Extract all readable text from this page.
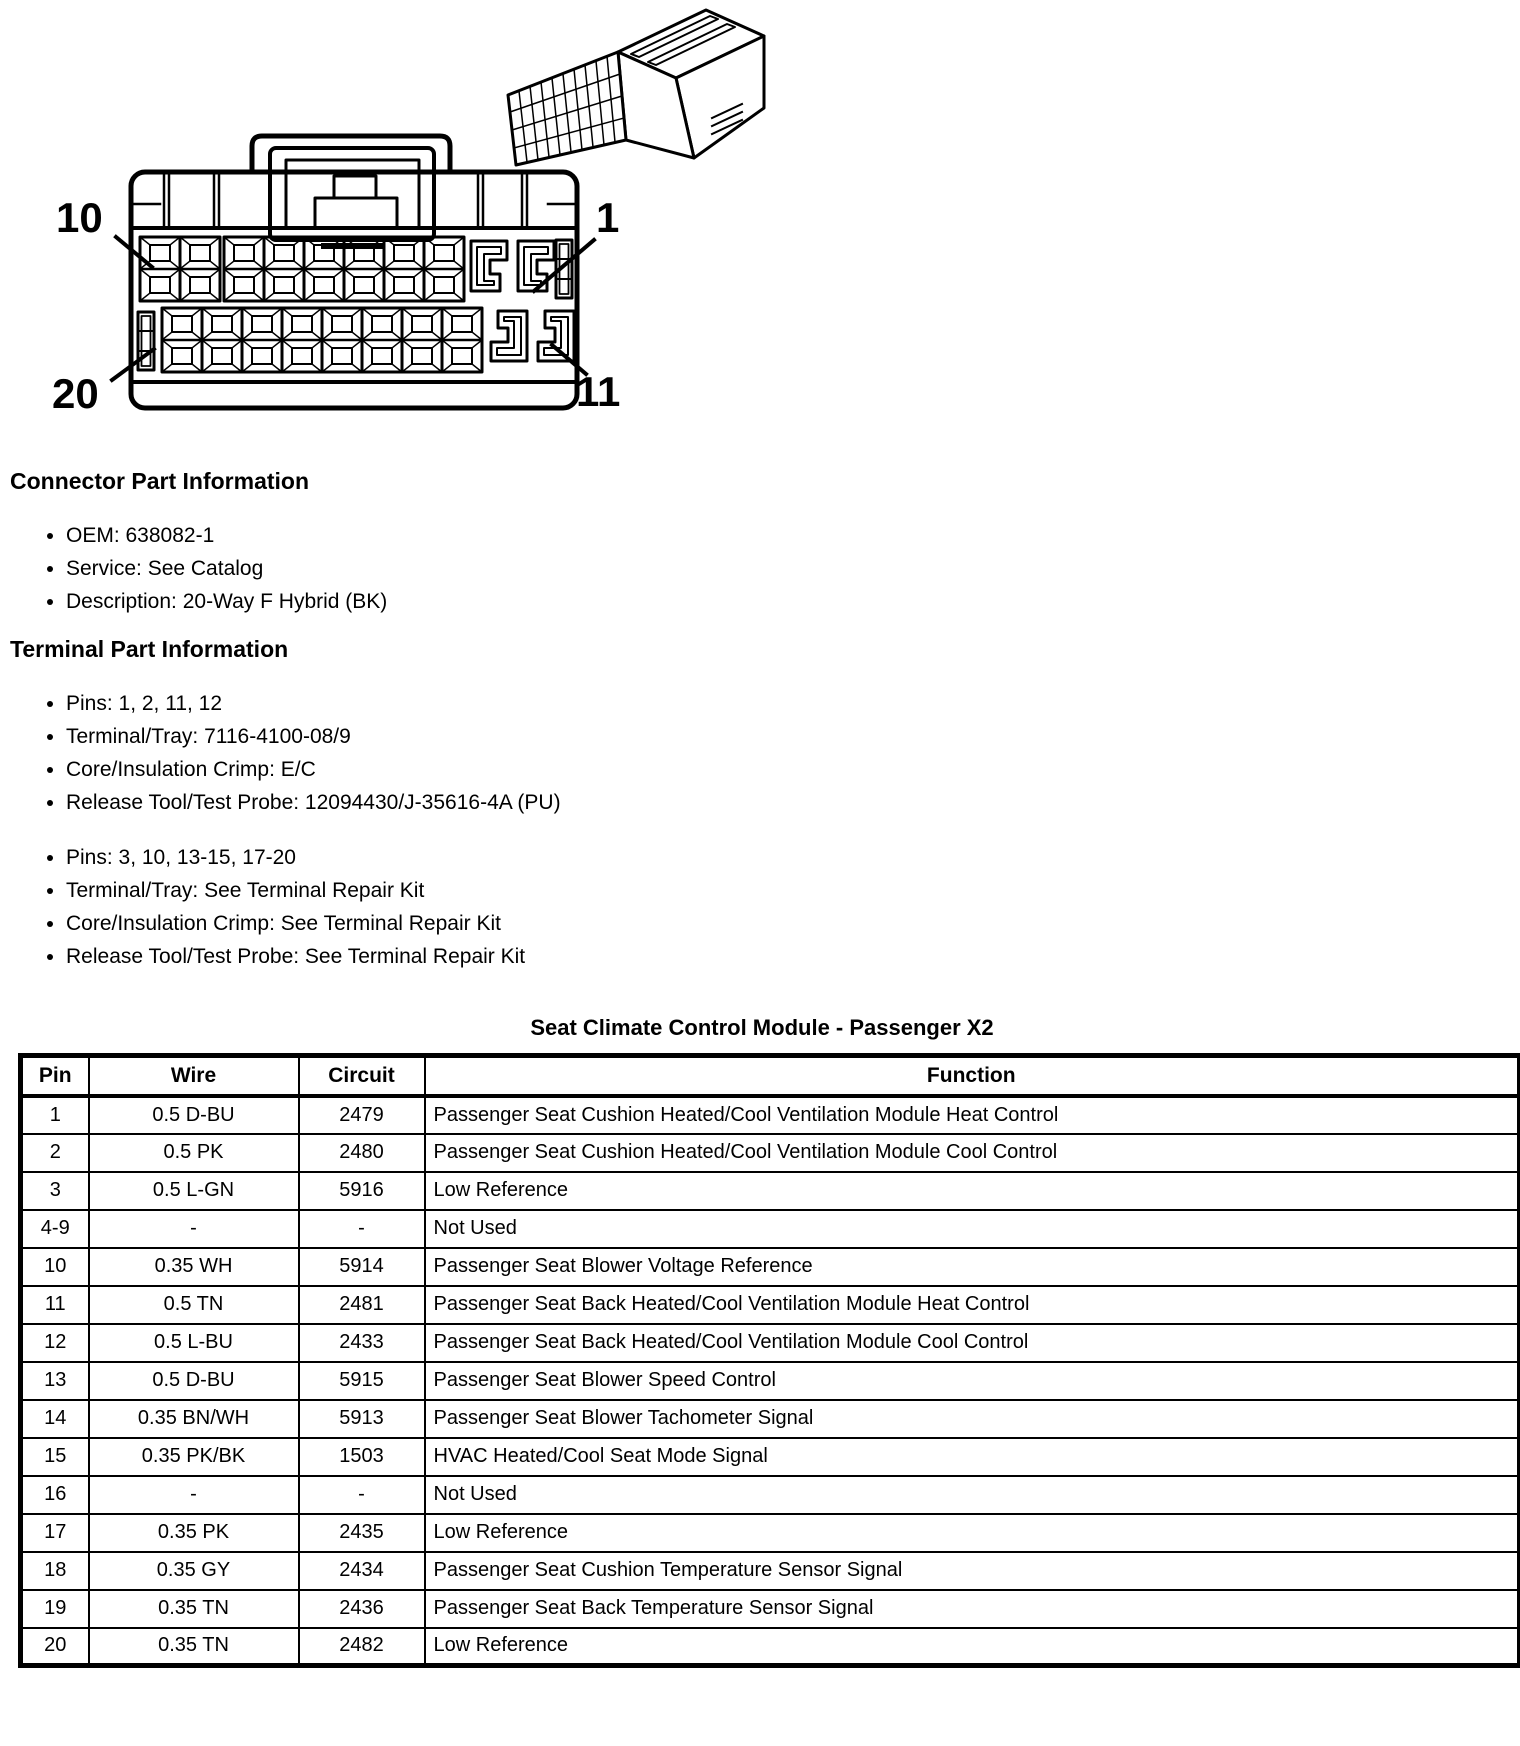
10	1
20	11
Connector Part Information
• OEM: 638082-1
• Service: See Catalog
• Description: 20-Way F Hybrid (BK)
Terminal Part Information
• Pins: 1, 2, 11, 12
• Terminal/Tray: 7116-4100-08/9
• Core/Insulation Crimp: E/C
• Release Tool/Test Probe: 12094430/J-35616-4A (PU)
• Pins: 3, 10, 13-15, 17-20
• Terminal/Tray: See Terminal Repair Kit
• Core/Insulation Crimp: See Terminal Repair Kit
• Release Tool/Test Probe: See Terminal Repair Kit
Seat Climate Control Module - Passenger X2
Pin	Wire	Circuit	Function
1	0.5 D-BU	2479	Passenger Seat Cushion Heated/Cool Ventilation Module Heat Control
2	0.5 PK	2480	Passenger Seat Cushion Heated/Cool Ventilation Module Cool Control
3	0.5 L-GN	5916	Low Reference
4-9	-	-	Not Used
10	0.35 WH	5914	Passenger Seat Blower Voltage Reference
11	0.5 TN	2481	Passenger Seat Back Heated/Cool Ventilation Module Heat Control
12	0.5 L-BU	2433	Passenger Seat Back Heated/Cool Ventilation Module Cool Control
13	0.5 D-BU	5915	Passenger Seat Blower Speed Control
14	0.35 BN/WH	5913	Passenger Seat Blower Tachometer Signal
15	0.35 PK/BK	1503	HVAC Heated/Cool Seat Mode Signal
16	-	-	Not Used
17	0.35 PK	2435	Low Reference
18	0.35 GY	2434	Passenger Seat Cushion Temperature Sensor Signal
19	0.35 TN	2436	Passenger Seat Back Temperature Sensor Signal
20	0.35 TN	2482	Low Reference
